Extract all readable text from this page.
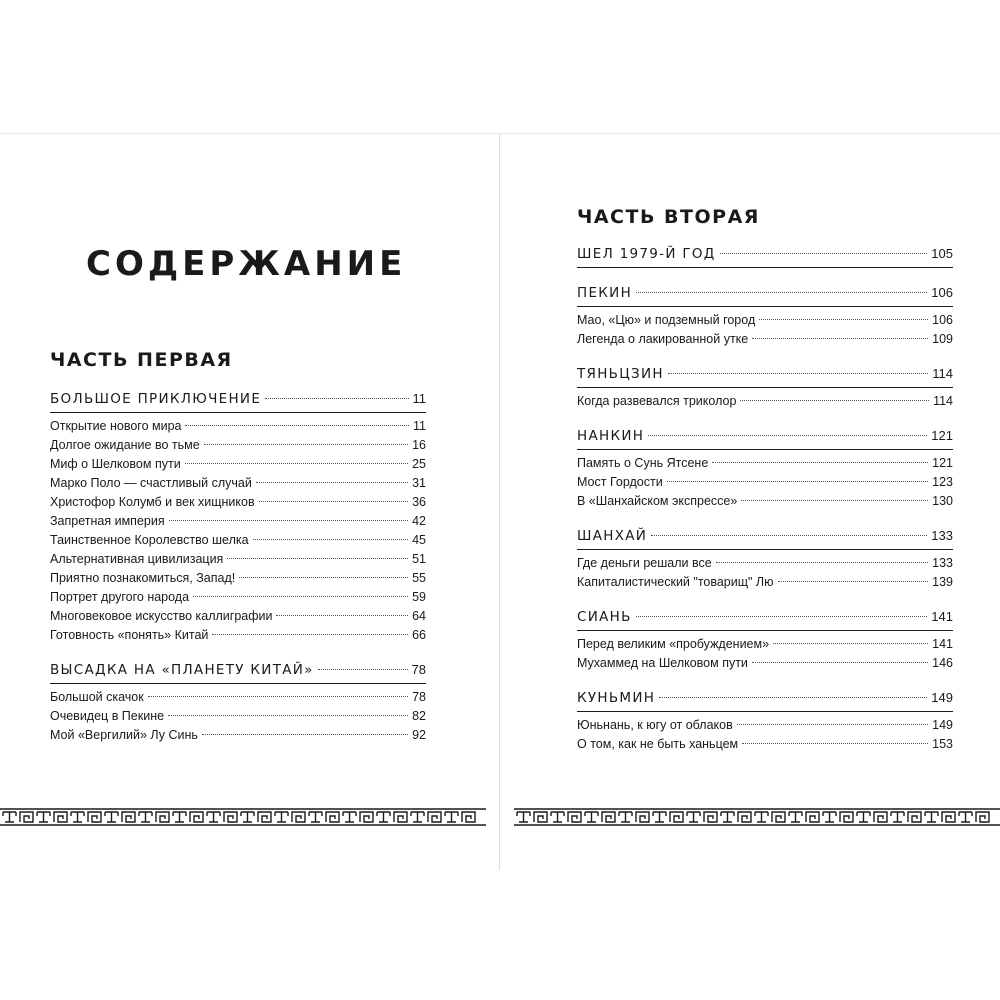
СОДЕРЖАНИЕ
ЧАСТЬ ПЕРВАЯ
БОЛЬШОЕ ПРИКЛЮЧЕНИЕ	11
Открытие нового мира	11
Долгое ожидание во тьме	16
Миф о Шелковом пути	25
Марко Поло — счастливый случай	31
Христофор Колумб и век хищников	36
Запретная империя	42
Таинственное Королевство шелка	45
Альтернативная цивилизация	51
Приятно познакомиться, Запад!	55
Портрет другого народа	59
Многовековое искусство каллиграфии	64
Готовность «понять» Китай	66
ВЫСАДКА НА «ПЛАНЕТУ КИТАЙ»	78
Большой скачок	78
Очевидец в Пекине	82
Мой «Вергилий» Лу Синь	92
ЧАСТЬ ВТОРАЯ
ШЕЛ 1979-Й ГОД	105
ПЕКИН	106
Мао, «Цю» и подземный город	106
Легенда о лакированной утке	109
ТЯНЬЦЗИН	114
Когда развевался триколор	114
НАНКИН	121
Память о Сунь Ятсене	121
Мост Гордости	123
В «Шанхайском экспрессе»	130
ШАНХАЙ	133
Где деньги решали все	133
Капиталистический "товарищ" Лю	139
СИАНЬ	141
Перед великим «пробуждением»	141
Мухаммед на Шелковом пути	146
КУНЬМИН	149
Юньнань, к югу от облаков	149
О том, как не быть ханьцем	153
